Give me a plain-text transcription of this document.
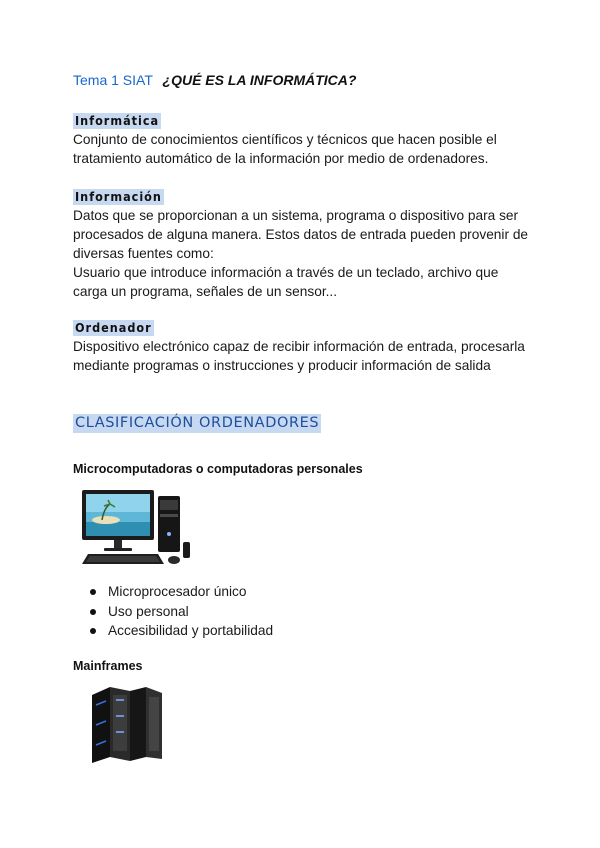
Tema 1 SIAT ¿QUÉ ES LA INFORMÁTICA?
Informática

Conjunto de conocimientos científicos y técnicos que hacen posible el tratamiento automático de la información por medio de ordenadores.

Información

Datos que se proporcionan a un sistema, programa o dispositivo para ser procesados de alguna manera. Estos datos de entrada pueden provenir de diversas fuentes como:

Usuario que introduce información a través de un teclado, archivo que carga un programa, señales de un sensor...

Ordenador

Dispositivo electrónico capaz de recibir información de entrada, procesarla mediante programas o instrucciones y producir información de salida

CLASIFICACIÓN ORDENADORES
Microcomputadoras o computadoras personales
Microprocesador único
Uso personal
Accesibilidad y portabilidad
Mainframes
